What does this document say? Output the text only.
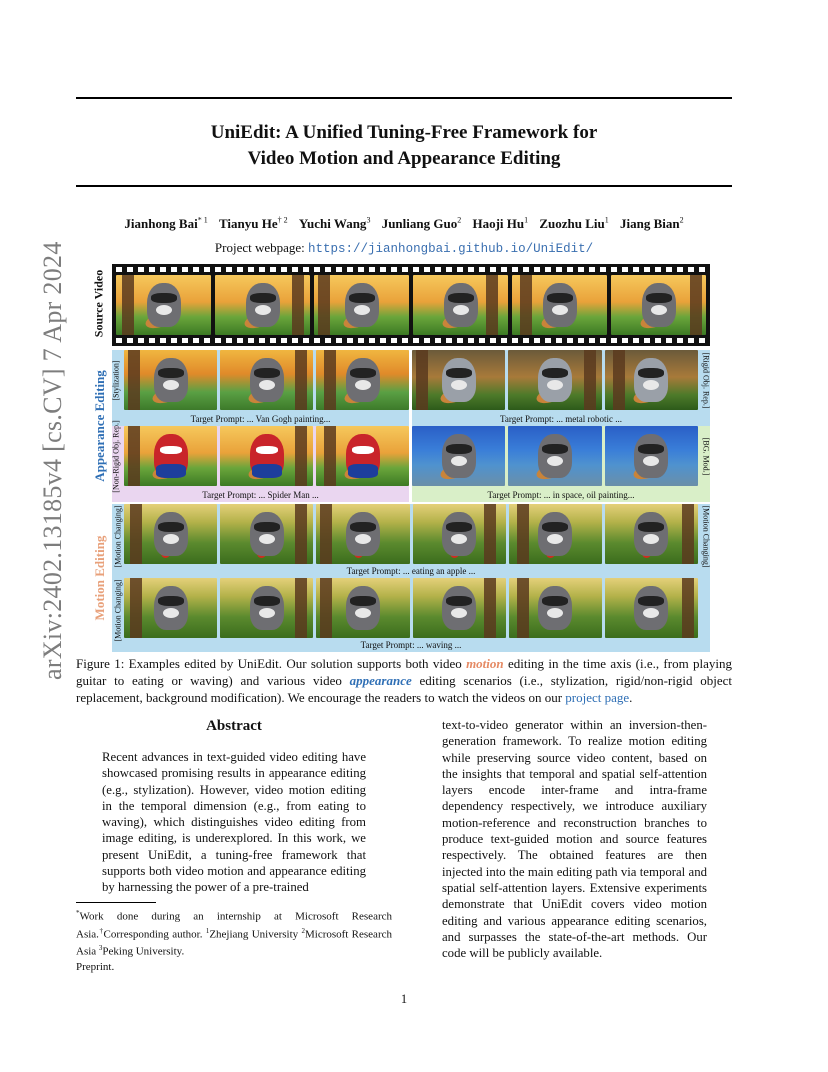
arXiv:2402.13185v4 [cs.CV] 7 Apr 2024
UniEdit: A Unified Tuning-Free Framework for
Video Motion and Appearance Editing
Jianhong Bai$^{* 1}$ Tianyu He$^{\dagger 2}$ Yuchi Wang$^3$ Junliang Guo$^2$ Haoji Hu$^1$ Zuozhu Liu$^1$ Jiang Bian$^2$
Project webpage: https://jianhongbai.github.io/UniEdit/
Source Video
Appearance Editing [Stylization]
Target Prompt: ... Van Gogh painting...
[Rigid Obj. Rep.]
Target Prompt: ... metal robotic ...
[Non-Rigid Obj. Rep.]
Target Prompt: ... Spider Man ...
[BG. Mod.]
Target Prompt: ... in space, oil painting...
Motion Editing [Motion Changing]	[Motion Changing]
Target Prompt: ... eating an apple ...
[Motion Changing]
Target Prompt: ... waving ...
Figure 1: Examples edited by UniEdit. Our solution supports both video motion editing in the time axis (i.e., from playing guitar to eating or waving) and various video appearance editing scenarios (i.e., stylization, rigid/non-rigid object replacement, background modification). We encourage the readers to watch the videos on our project page.
Abstract
Recent advances in text-guided video editing have showcased promising results in appearance editing (e.g., stylization). However, video motion editing in the temporal dimension (e.g., from eating to waving), which distinguishes video editing from image editing, is underexplored. In this work, we present UniEdit, a tuning-free framework that supports both video motion and appearance editing by harnessing the power of a pre-trained
text-to-video generator within an inversion-then-generation framework. To realize motion editing while preserving source video content, based on the insights that temporal and spatial self-attention layers encode inter-frame and intra-frame dependency respectively, we introduce auxiliary motion-reference and reconstruction branches to produce text-guided motion and source features respectively. The obtained features are then injected into the main editing path via temporal and spatial self-attention layers. Extensive experiments demonstrate that UniEdit covers video motion editing and various appearance editing scenarios, and surpasses the state-of-the-art methods. Our code will be publicly available.
*Work done during an internship at Microsoft Research Asia.†Corresponding author. $^1$Zhejiang University $^2$Microsoft Research Asia $^3$Peking University.
Preprint.
1
